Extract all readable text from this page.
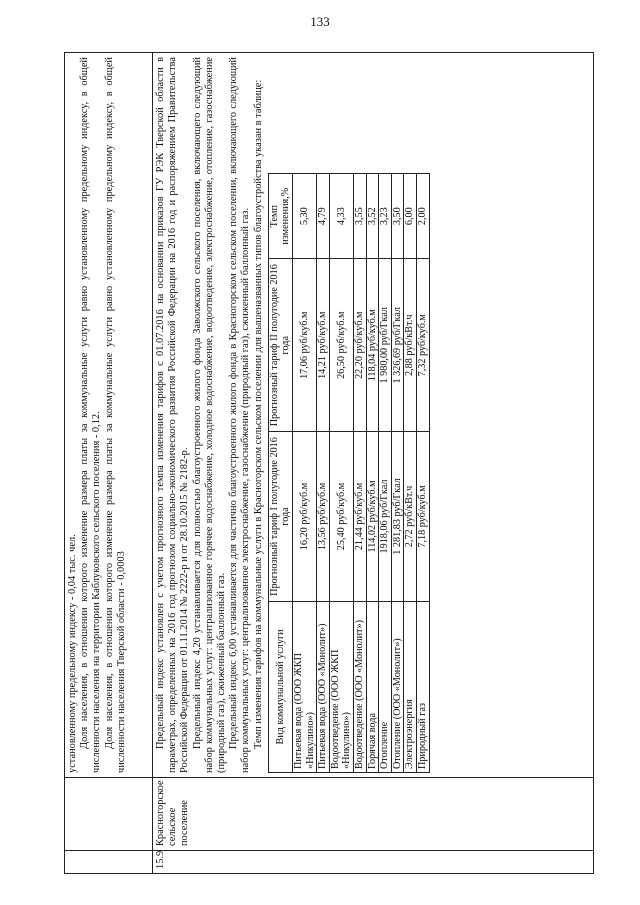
133

установленному предельному индексу - 0,04 тыс. чел. Доля населения, в отношении которого изменение размера платы за коммунальные услуги равно установленному предельному индексу, в общей численности населения на территории Каблуковского сельского поселения - 0,12. Доля населения, в отношении которого изменение размера платы за коммунальные услуги равно установленному предельному индексу, в общей численности населения Тверской области - 0,0003

15.9	Красногорское сельское поселение	

Предельный индекс установлен с учетом прогнозного темпа изменения тарифов с 01.07.2016 на основании приказов ГУ РЭК Тверской области в параметрах, определенных на 2016 год прогнозом социально-экономического развития Российской Федерации на 2016 год и распоряжением Правительства Российской Федерации от 01.11.2014 № 2222-р и от 28.10.2015 № 2182-р. Предельный индекс 4,20 устанавливается для полностью благоустроенного жилого фонда Заволжского сельского поселения, включающего следующий набор коммунальных услуг: централизованное горячее водоснабжение, холодное водоснабжение, водоотведение, электроснабжение, отопление, газоснабжение (природный газ), сжиженный баллонный газ. Предельный индекс 6,00 устанавливается для частично благоустроенного жилого фонда в Красногорском сельском поселении, включающего следующий набор коммунальных услуг: централизованное электроснабжение, газоснабжение (природный газ), сжиженный баллонный газ. Темп изменения тарифов на коммунальные услуги в Красногорском сельском поселении для вышеназванных типов благоустройства указан в таблице: Вид коммунальной услуги	Прогнозный тариф I полугодие 2016 года	Прогнозный тариф II полугодие 2016 года	Темп изменения,%
Питьевая вода (ООО ЖКП «Никулино»)	16,20 руб/куб.м	17,06 руб/куб.м	5,30
Питьевая вода (ООО «Монолит»)	13,56 руб/куб.м	14,21 руб/куб.м	4,79
Водоотведение (ООО ЖКП «Никулино»)	25,40 руб/куб.м	26,50 руб/куб.м	4,33
Водоотведение (ООО «Монолит»)	21,44 руб/куб.м	22,20 руб/куб.м	3,55
Горячая вода	114,02 руб/куб.м	118,04 руб/куб.м	3,52
Отопление	1918,06 руб/Гкал	1 980,00 руб/Гкал	3,23
Отопление (ООО «Монолит»)	1 281,83 руб/Гкал	1 326,69 руб/Гкал	3,50
Электроэнергия	2,72 руб/кВт.ч	2,88 руб/кВт.ч	6,00
Природный газ	7,18 руб/куб.м	7,32 руб/куб.м	2,00
